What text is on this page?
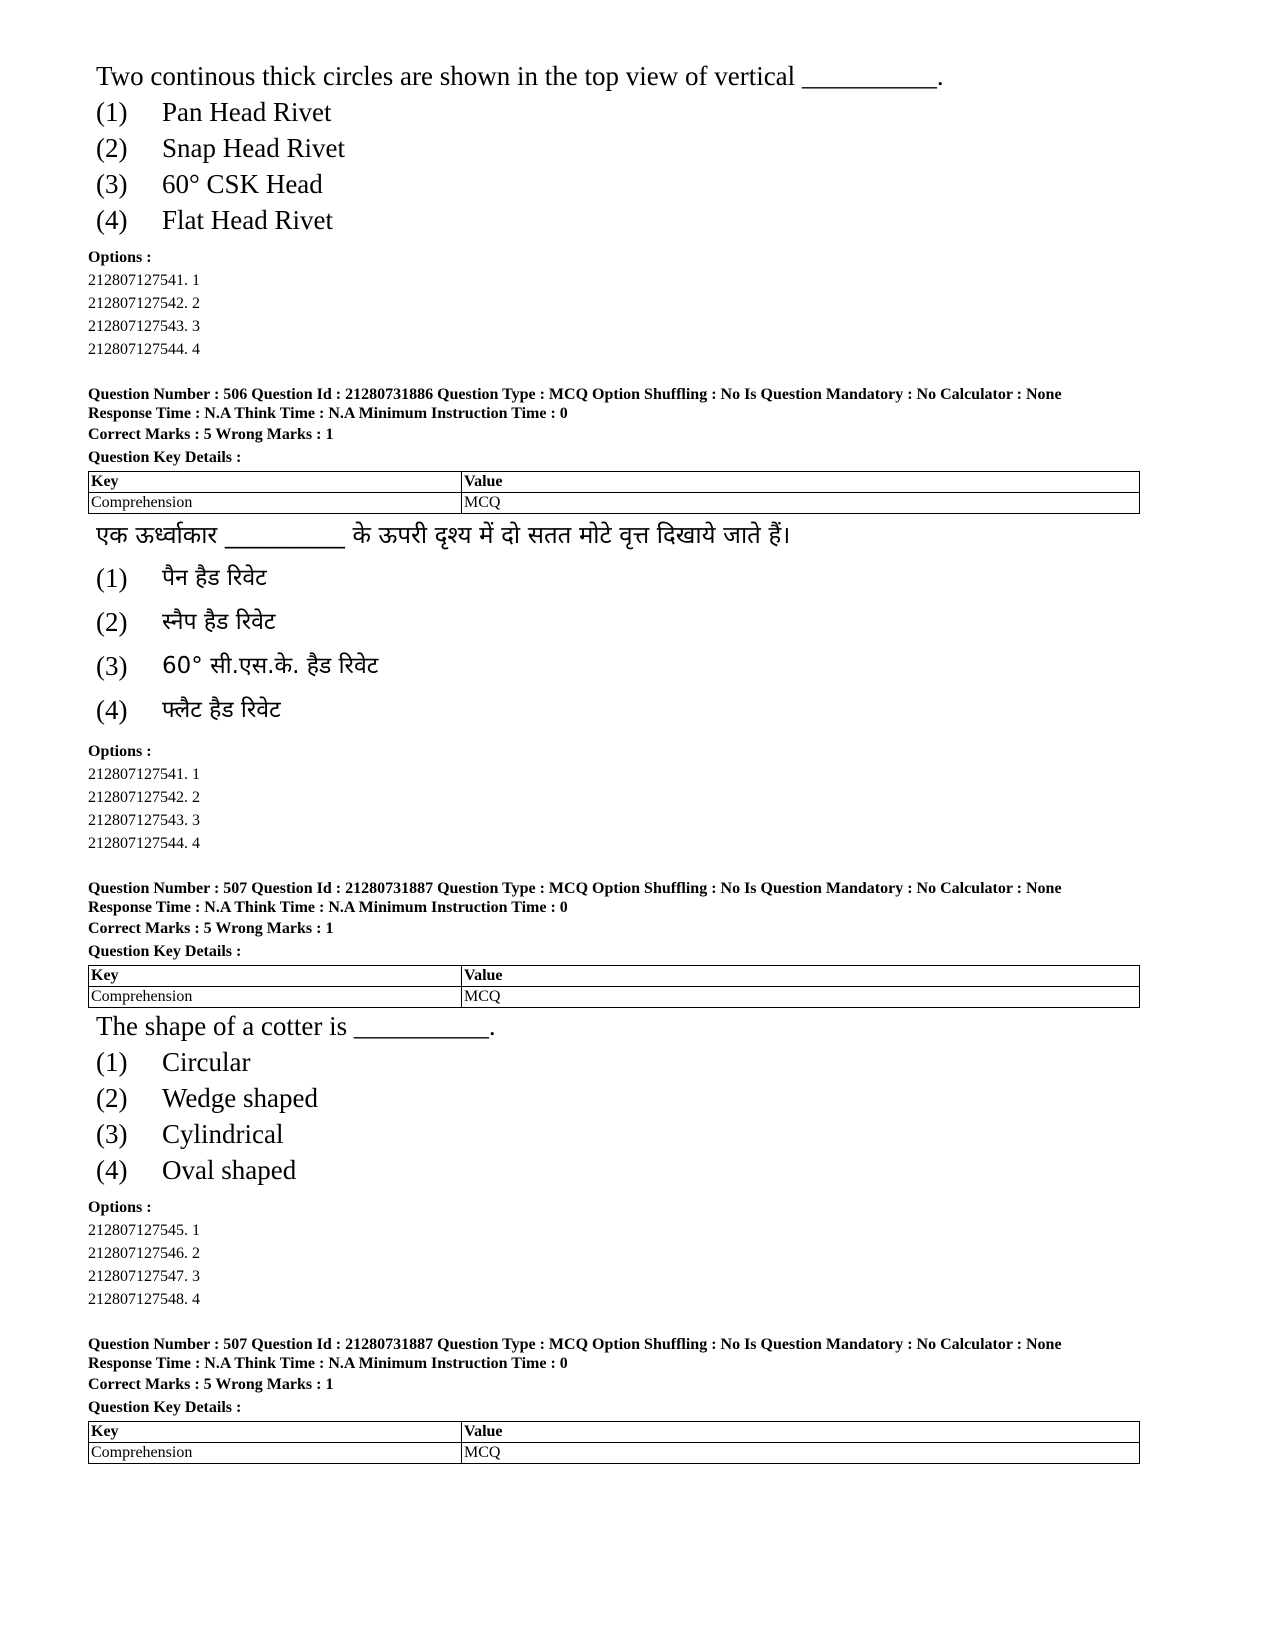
Two continous thick circles are shown in the top view of vertical __________.
(1)	Pan Head Rivet
(2)	Snap Head Rivet
(3)	60° CSK Head
(4)	Flat Head Rivet
Options :
212807127541. 1
212807127542. 2
212807127543. 3
212807127544. 4
Question Number : 506 Question Id : 21280731886 Question Type : MCQ Option Shuffling : No Is Question Mandatory : No Calculator : None
Response Time : N.A Think Time : N.A Minimum Instruction Time : 0
Correct Marks : 5 Wrong Marks : 1
Question Key Details :
Key	Value
Comprehension	MCQ
एक ऊर्ध्वाकार __________ के ऊपरी दृश्य में दो सतत मोटे वृत्त दिखाये जाते हैं।
(1)	पैन हैड रिवेट
(2)	स्नैप हैड रिवेट
(3)	60° सी.एस.के. हैड रिवेट
(4)	फ्लैट हैड रिवेट
Options :
212807127541. 1
212807127542. 2
212807127543. 3
212807127544. 4
Question Number : 507 Question Id : 21280731887 Question Type : MCQ Option Shuffling : No Is Question Mandatory : No Calculator : None
Response Time : N.A Think Time : N.A Minimum Instruction Time : 0
Correct Marks : 5 Wrong Marks : 1
Question Key Details :
Key	Value
Comprehension	MCQ
The shape of a cotter is __________.
(1)	Circular
(2)	Wedge shaped
(3)	Cylindrical
(4)	Oval shaped
Options :
212807127545. 1
212807127546. 2
212807127547. 3
212807127548. 4
Question Number : 507 Question Id : 21280731887 Question Type : MCQ Option Shuffling : No Is Question Mandatory : No Calculator : None
Response Time : N.A Think Time : N.A Minimum Instruction Time : 0
Correct Marks : 5 Wrong Marks : 1
Question Key Details :
Key	Value
Comprehension	MCQ
